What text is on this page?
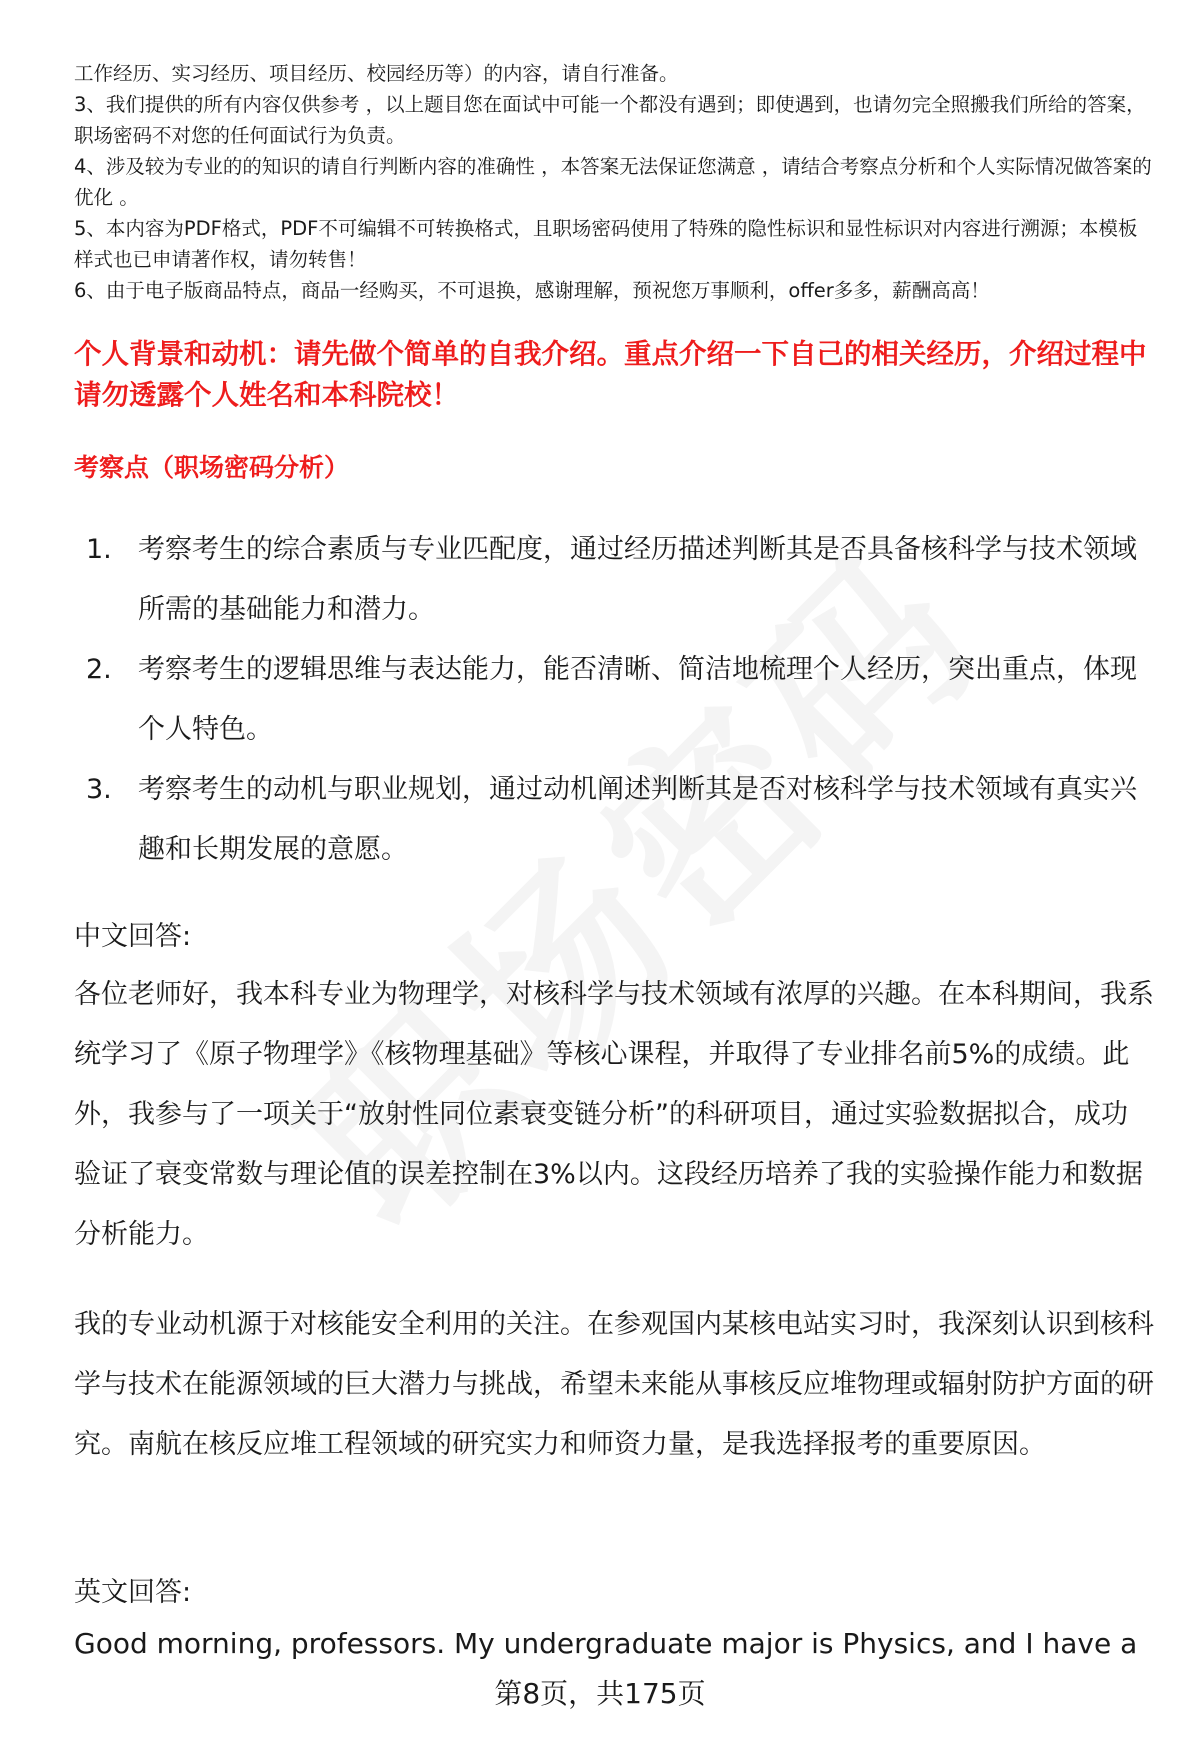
工作经历、实习经历、项目经历、校园经历等）的内容，请自行准备。

3、我们提供的所有内容仅供参考 ，以上题目您在面试中可能一个都没有遇到；即使遇到，也请勿完全照搬我们所给的答案，职场密码不对您的任何面试行为负责。

4、涉及较为专业的的知识的请自行判断内容的准确性 ，本答案无法保证您满意 ，请结合考察点分析和个人实际情况做答案的优化 。

5、本内容为PDF格式，PDF不可编辑不可转换格式，且职场密码使用了特殊的隐性标识和显性标识对内容进行溯源；本模板样式也已申请著作权，请勿转售！

6、由于电子版商品特点，商品一经购买，不可退换，感谢理解，预祝您万事顺利，offer多多，薪酬高高！

个人背景和动机：请先做个简单的自我介绍。重点介绍一下自己的相关经历，介绍过程中请勿透露个人姓名和本科院校！
考察点（职场密码分析）
1. 考察考生的综合素质与专业匹配度，通过经历描述判断其是否具备核科学与技术领域所需的基础能力和潜力。
2. 考察考生的逻辑思维与表达能力，能否清晰、简洁地梳理个人经历，突出重点，体现个人特色。
3. 考察考生的动机与职业规划，通过动机阐述判断其是否对核科学与技术领域有真实兴趣和长期发展的意愿。

中文回答:

各位老师好，我本科专业为物理学，对核科学与技术领域有浓厚的兴趣。在本科期间，我系统学习了《原子物理学》《核物理基础》等核心课程，并取得了专业排名前5%的成绩。此外，我参与了一项关于“放射性同位素衰变链分析”的科研项目，通过实验数据拟合，成功验证了衰变常数与理论值的误差控制在3%以内。这段经历培养了我的实验操作能力和数据分析能力。

我的专业动机源于对核能安全利用的关注。在参观国内某核电站实习时，我深刻认识到核科学与技术在能源领域的巨大潜力与挑战，希望未来能从事核反应堆物理或辐射防护方面的研究。南航在核反应堆工程领域的研究实力和师资力量，是我选择报考的重要原因。

英文回答:

Good morning, professors. My undergraduate major is Physics, and I have a

第8页，共175页
